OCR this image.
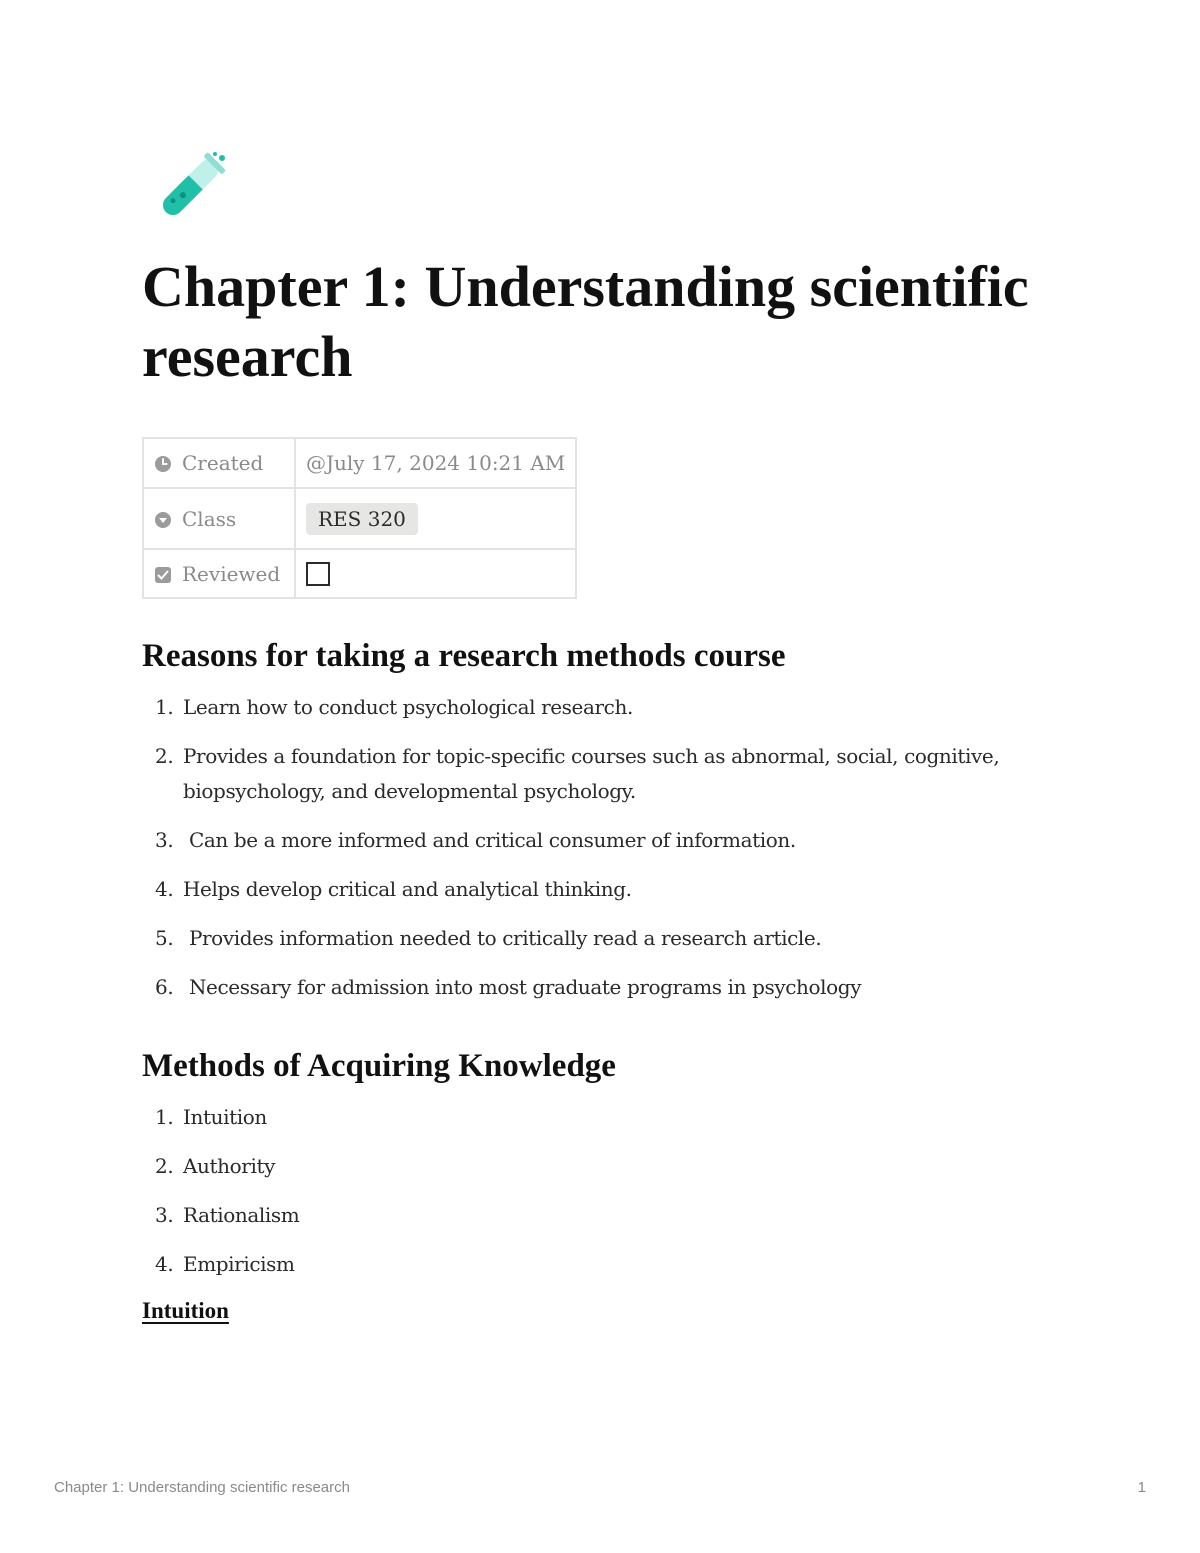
Chapter 1: Understanding scientific research
Created	@July 17, 2024 10:21 AM
Class	RES 320
Reviewed	
Reasons for taking a research methods course
1. Learn how to conduct psychological research.
2. Provides a foundation for topic-specific courses such as abnormal, social, cognitive, biopsychology, and developmental psychology.
3. Can be a more informed and critical consumer of information.
4. Helps develop critical and analytical thinking.
5. Provides information needed to critically read a research article.
6. Necessary for admission into most graduate programs in psychology
Methods of Acquiring Knowledge
1. Intuition
2. Authority
3. Rationalism
4. Empiricism
Intuition
Chapter 1: Understanding scientific research	1
